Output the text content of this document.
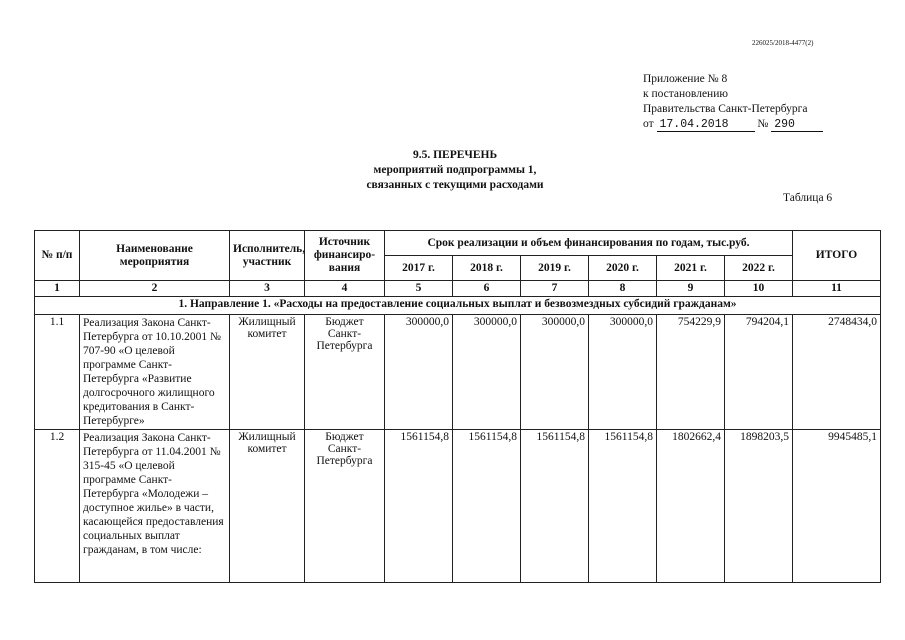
226025/2018-4477(2)
Приложение № 8
к постановлению
Правительства Санкт-Петербурга
от 17.04.2018	№ 290
9.5. ПЕРЕЧЕНЬ
мероприятий подпрограммы 1,
связанных с текущими расходами
Таблица 6
№ п/п	Наименование мероприятия	Исполнитель, участник	Источник финансиро-вания	Срок реализации и объем финансирования по годам, тыс.руб.						ИТОГО
				2017 г.	2018 г.	2019 г.	2020 г.	2021 г.	2022 г.	
1	2	3	4	5	6	7	8	9	10	11
1. Направление 1. «Расходы на предоставление социальных выплат и безвозмездных субсидий гражданам»										
1.1	Реализация Закона Санкт-Петербурга от 10.10.2001 № 707-90 «О целевой программе Санкт-Петербурга «Развитие долгосрочного жилищного кредитования в Санкт-Петербурге»	Жилищный комитет	Бюджет Санкт-Петербурга	300000,0	300000,0	300000,0	300000,0	754229,9	794204,1	2748434,0
1.2	Реализация Закона Санкт-Петербурга от 11.04.2001 № 315-45 «О целевой программе Санкт-Петербурга «Молодежи – доступное жилье» в части, касающейся предоставления социальных выплат гражданам, в том числе:	Жилищный комитет	Бюджет Санкт-Петербурга	1561154,8	1561154,8	1561154,8	1561154,8	1802662,4	1898203,5	9945485,1
